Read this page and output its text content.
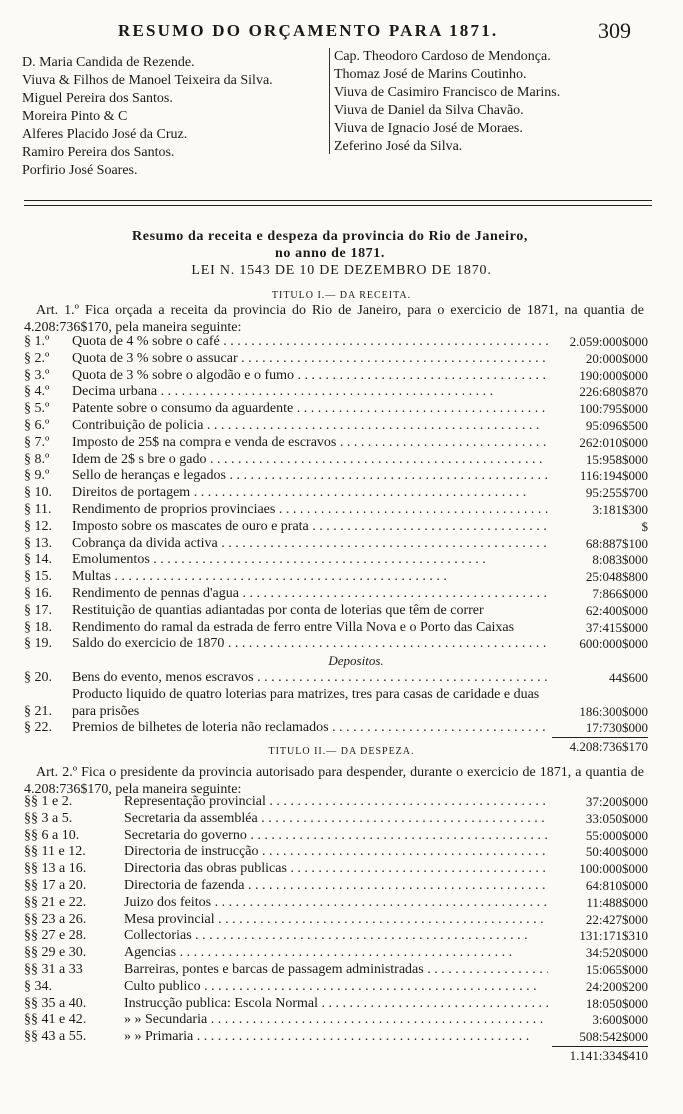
RESUMO DO ORÇAMENTO PARA 1871.	309
D. Maria Candida de Rezende.
Viuva & Filhos de Manoel Teixeira da Silva.
Miguel Pereira dos Santos.
Moreira Pinto & C
Alferes Placido José da Cruz.
Ramiro Pereira dos Santos.
Porfirio José Soares.
Cap. Theodoro Cardoso de Mendonça.
Thomaz José de Marins Coutinho.
Viuva de Casimiro Francisco de Marins.
Viuva de Daniel da Silva Chavão.
Viuva de Ignacio José de Moraes.
Zeferino José da Silva.
Resumo da receita e despeza da provincia do Rio de Janeiro,
no anno de 1871.
LEI N. 1543 DE 10 DE DEZEMBRO DE 1870.
TITULO I.— DA RECEITA.
Art. 1.º Fica orçada a receita da provincia do Rio de Janeiro, para o exercicio de 1871, na quantia de 4.208:736$170, pela maneira seguinte:
§ 1.º	Quota de 4 % sobre o café . . .	2.059:000$000
§ 2.º	Quota de 3 % sobre o assucar . . .	20:000$000
§ 3.º	Quota de 3 % sobre o algodão e o fumo . . .	190:000$000
§ 4.º	Decima urbana . . .	226:680$870
§ 5.º	Patente sobre o consumo da aguardente . . .	100:795$000
§ 6.º	Contribuição de policia . . .	95:096$500
§ 7.º	Imposto de 25$ na compra e venda de escravos . . .	262:010$000
§ 8.º	Idem de 2$ s bre o gado . . .	15:958$000
§ 9.º	Sello de heranças e legados . . .	116:194$000
§ 10.	Direitos de portagem . . .	95:255$700
§ 11.	Rendimento de proprios provinciaes . . .	3:181$300
§ 12.	Imposto sobre os mascates de ouro e prata . . .	$
§ 13.	Cobrança da divida activa . . .	68:887$100
§ 14.	Emolumentos . . .	8:083$000
§ 15.	Multas . . .	25:048$800
§ 16.	Rendimento de pennas d'agua . . .	7:866$000
§ 17.	Restituição de quantias adiantadas por conta de loterias que têm de correr	62:400$000
§ 18.	Rendimento do ramal da estrada de ferro entre Villa Nova e o Porto das Caixas	37:415$000
§ 19.	Saldo do exercicio de 1870 . . .	600:000$000
Depositos.
§ 20.	Bens do evento, menos escravos . . .	44$600
§ 21.
Producto liquido de quatro loterias para matrizes, tres para casas de caridade e duas para prisões	186:300$000
§ 22.	Premios de bilhetes de loteria não reclamados . . .	17:730$000
4.208:736$170
TITULO II.— DA DESPEZA.
Art. 2.º Fica o presidente da provincia autorisado para despender, durante o exercicio de 1871, a quantia de 4.208:736$170, pela maneira seguinte:
§§ 1 e 2.	Representação provincial . . .	37:200$000
§§ 3 a 5.	Secretaria da assembléa . . .	33:050$000
§§ 6 a 10.	Secretaria do governo . . .	55:000$000
§§ 11 e 12.	Directoria de instrucção . . .	50:400$000
§§ 13 a 16.	Directoria das obras publicas . . .	100:000$000
§§ 17 a 20.	Directoria de fazenda . . .	64:810$000
§§ 21 e 22.	Juizo dos feitos . . .	11:488$000
§§ 23 a 26.	Mesa provincial . . .	22:427$000
§§ 27 e 28.	Collectorias . . .	131:171$310
§§ 29 e 30.	Agencias . . .	34:520$000
§§ 31 a 33	Barreiras, pontes e barcas de passagem administradas . . .	15:065$000
§ 34.	Culto publico . . .	24:200$200
§§ 35 a 40.	Instrucção publica: Escola Normal . . .	18:050$000
§§ 41 e 42.	» » Secundaria . . .	3:600$000
§§ 43 a 55.	» » Primaria . . .	508:542$000
1.141:334$410
